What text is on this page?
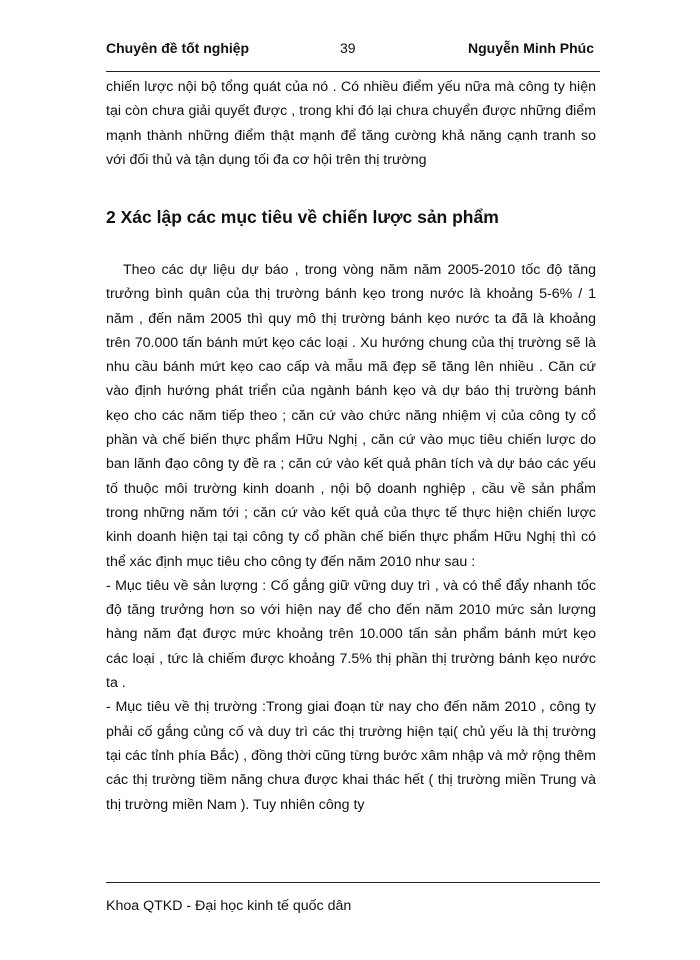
Chuyên đề tốt nghiệp	39	Nguyễn Minh Phúc

chiến lược nội bộ tổng quát của nó . Có nhiều điểm yếu nữa mà công ty hiện tại còn chưa giải quyết được , trong khi đó lại chưa chuyển được những điểm mạnh thành những điểm thật mạnh để tăng cường khả năng cạnh tranh so với đối thủ và tận dụng tối đa cơ hội trên thị trường

2 Xác lập các mục tiêu về chiến lược sản phẩm

Theo các dự liệu dự báo , trong vòng năm năm 2005-2010 tốc độ tăng trưởng bình quân của thị trường bánh kẹo trong nước là khoảng 5-6% / 1 năm , đến năm 2005 thì quy mô thị trường bánh kẹo nước ta đã là khoảng trên 70.000 tấn bánh mứt kẹo các loại . Xu hướng chung của thị trường sẽ là nhu cầu bánh mứt kẹo cao cấp và mẫu mã đẹp sẽ tăng lên nhiều . Căn cứ vào định hướng phát triển của ngành bánh kẹo và dự báo thị trường bánh kẹo cho các năm tiếp theo ; căn cứ vào chức năng nhiệm vị của công ty cổ phần và chế biến thực phẩm Hữu Nghị , căn cứ vào mục tiêu chiến lược do ban lãnh đạo công ty đề ra ; căn cứ vào kết quả phân tích và dự báo các yếu tố thuộc môi trường kinh doanh , nội bộ doanh nghiệp , cầu về sản phẩm trong những năm tới ; căn cứ vào kết quả của thực tế thực hiện chiến lược kinh doanh hiện tại tại công ty cổ phần chế biến thực phẩm Hữu Nghị thì có thể xác định mục tiêu cho công ty đến năm 2010 như sau :

- Mục tiêu về sản lượng : Cố gắng giữ vững duy trì , và có thể đẩy nhanh tốc độ tăng trưởng hơn so với hiện nay để cho đến năm 2010 mức sản lượng hàng năm đạt được mức khoảng trên 10.000 tấn sản phẩm bánh mứt kẹo các loại , tức là chiếm được khoảng 7.5% thị phần thị trường bánh kẹo nước ta .

- Mục tiêu về thị trường :Trong giai đoạn từ nay cho đến năm 2010 , công ty phải cố gắng củng cố và duy trì các thị trường hiện tại( chủ yếu là thị trường tại các tỉnh phía Bắc) , đồng thời cũng từng bước xâm nhập và mở rộng thêm các thị trường tiềm năng chưa được khai thác hết ( thị trường miền Trung và thị trường miền Nam ). Tuy nhiên công ty

Khoa QTKD - Đại học kinh tế quốc dân
